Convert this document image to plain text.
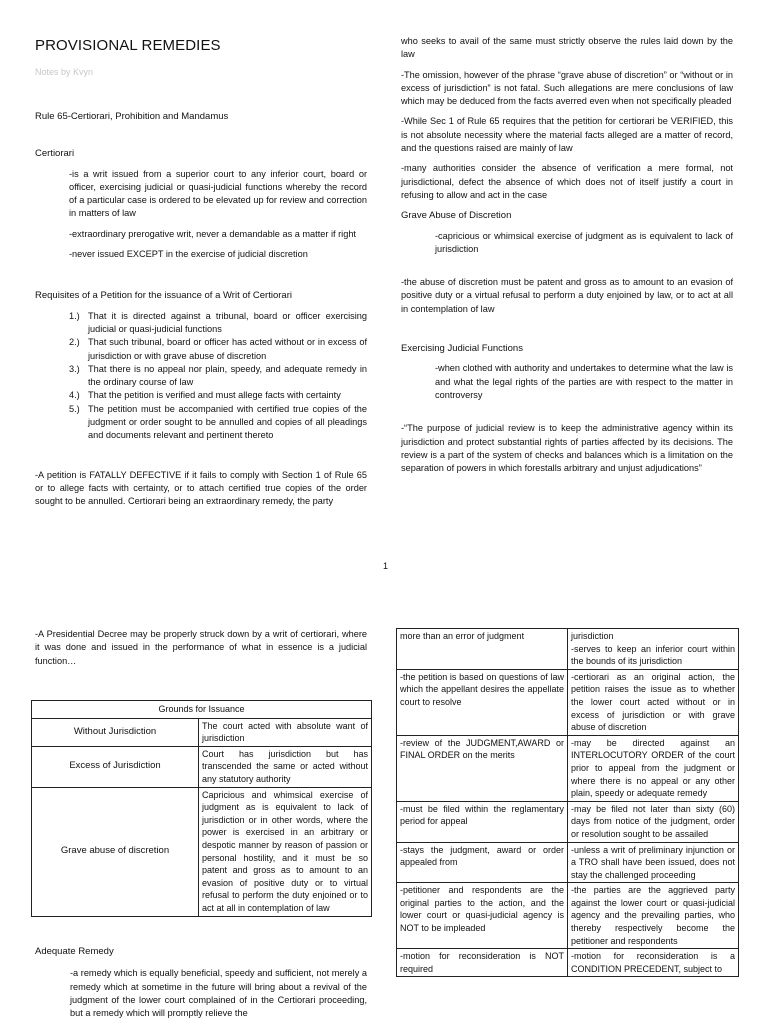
PROVISIONAL REMEDIES
Notes by Kvyn

Rule 65-Certiorari, Prohibition and Mandamus

Certiorari

-is a writ issued from a superior court to any inferior court, board or officer, exercising judicial or quasi-judicial functions whereby the record of a particular case is ordered to be elevated up for review and correction in matters of law

-extraordinary prerogative writ, never a demandable as a matter if right

-never issued EXCEPT in the exercise of judicial discretion

Requisites of a Petition for the issuance of a Writ of Certiorari

1.) That it is directed against a tribunal, board or officer exercising judicial or quasi-judicial functions
2.) That such tribunal, board or officer has acted without or in excess of jurisdiction or with grave abuse of discretion
3.) That there is no appeal nor plain, speedy, and adequate remedy in the ordinary course of law
4.) That the petition is verified and must allege facts with certainty
5.) The petition must be accompanied with certified true copies of the judgment or order sought to be annulled and copies of all pleadings and documents relevant and pertinent thereto

-A petition is FATALLY DEFECTIVE if it fails to comply with Section 1 of Rule 65 or to allege facts with certainty, or to attach certified true copies of the order sought to be annulled. Certiorari being an extraordinary remedy, the party

who seeks to avail of the same must strictly observe the rules laid down by the law

-The omission, however of the phrase “grave abuse of discretion” or “without or in excess of jurisdiction” is not fatal. Such allegations are mere conclusions of law which may be deduced from the facts averred even when not specifically pleaded

-While Sec 1 of Rule 65 requires that the petition for certiorari be VERIFIED, this is not absolute necessity where the material facts alleged are a matter of record, and the questions raised are mainly of law

-many authorities consider the absence of verification a mere formal, not jurisdictional, defect the absence of which does not of itself justify a court in refusing to allow and act in the case

Grave Abuse of Discretion

-capricious or whimsical exercise of judgment as is equivalent to lack of jurisdiction

-the abuse of discretion must be patent and gross as to amount to an evasion of positive duty or a virtual refusal to perform a duty enjoined by law, or to act at all in contemplation of law

Exercising Judicial Functions

-when clothed with authority and undertakes to determine what the law is and what the legal rights of the parties are with respect to the matter in controversy

-“The purpose of judicial review is to keep the administrative agency within its jurisdiction and protect substantial rights of parties affected by its decisions. The review is a part of the system of checks and balances which is a limitation on the separation of powers in which forestalls arbitrary and unjust adjudications”

1

-A Presidential Decree may be properly struck down by a writ of certiorari, where it was done and issued in the performance of what in essence is a judicial function…

Grounds for Issuance	
Without Jurisdiction	The court acted with absolute want of jurisdiction
Excess of Jurisdiction	Court has jurisdiction but has transcended the same or acted without any statutory authority
Grave abuse of discretion	Capricious and whimsical exercise of judgment as is equivalent to lack of jurisdiction or in other words, where the power is exercised in an arbitrary or despotic manner by reason of passion or personal hostility, and it must be so patent and gross as to amount to an evasion of positive duty or to virtual refusal to perform the duty enjoined or to act at all in contemplation of law

Adequate Remedy

-a remedy which is equally beneficial, speedy and sufficient, not merely a remedy which at sometime in the future will bring about a revival of the judgment of the lower court complained of in the Certiorari proceeding, but a remedy which will promptly relieve the

more than an error of judgment	jurisdiction
-serves to keep an inferior court within the bounds of its jurisdiction
-the petition is based on questions of law which the appellant desires the appellate court to resolve	-certiorari as an original action, the petition raises the issue as to whether the lower court acted without or in excess of jurisdiction or with grave abuse of discretion
-review of the JUDGMENT,AWARD or FINAL ORDER on the merits	-may be directed against an INTERLOCUTORY ORDER of the court prior to appeal from the judgment or where there is no appeal or any other plain, speedy or adequate remedy
-must be filed within the reglamentary period for appeal	-may be filed not later than sixty (60) days from notice of the judgment, order or resolution sought to be assailed
-stays the judgment, award or order appealed from	-unless a writ of preliminary injunction or a TRO shall have been issued, does not stay the challenged proceeding
-petitioner and respondents are the original parties to the action, and the lower court or quasi-judicial agency is NOT to be impleaded	-the parties are the aggrieved party against the lower court or quasi-judicial agency and the prevailing parties, who thereby respectively become the petitioner and respondents
-motion for reconsideration is NOT required	-motion for reconsideration is a CONDITION PRECEDENT, subject to
